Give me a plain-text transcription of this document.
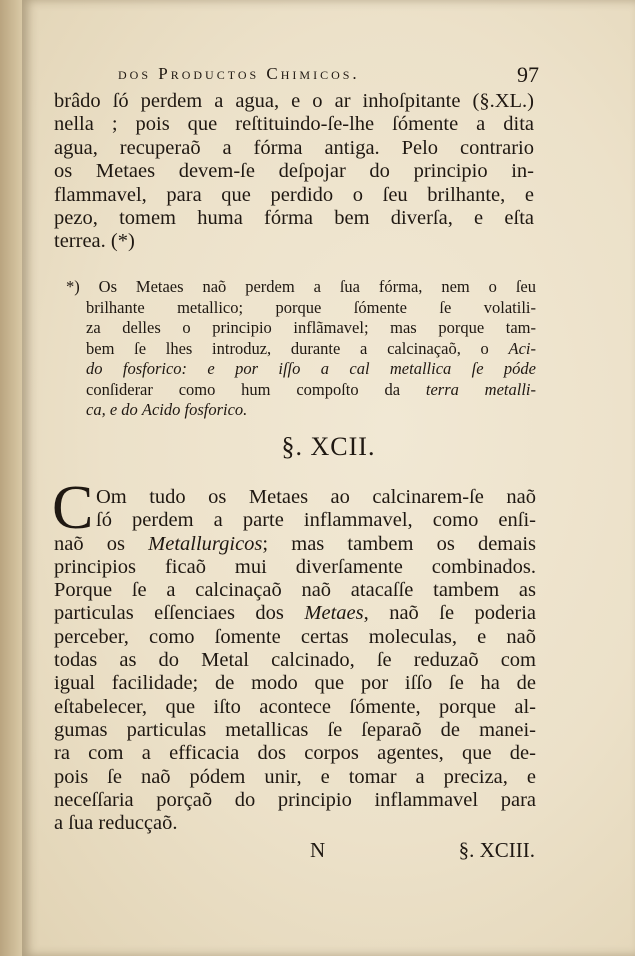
dos Productos Chimicos.	97
brâdo ſó perdem a agua, e o ar inhoſpitante (§.XL.)
nella ; pois que reſtituindo-ſe-lhe ſómente a dita
agua, recuperaõ a fórma antiga. Pelo contrario
os Metaes devem-ſe deſpojar do principio in-
flammavel, para que perdido o ſeu brilhante, e
pezo, tomem huma fórma bem diverſa, e eſta
terrea. (*)
*) Os Metaes naõ perdem a ſua fórma, nem o ſeu
brilhante metallico; porque ſómente ſe volatili-
za delles o principio inflãmavel; mas porque tam-
bem ſe lhes introduz, durante a calcinaçaõ, o Aci-
do fosforico: e por iſſo a cal metallica ſe póde
conſiderar como hum compoſto da terra metalli-
ca, e do Acido fosforico.
§. XCII.
C Om tudo os Metaes ao calcinarem-ſe naõ
ſó perdem a parte inflammavel, como enſi-
naõ os Metallurgicos; mas tambem os demais
principios ficaõ mui diverſamente combinados.
Porque ſe a calcinaçaõ naõ atacaſſe tambem as
particulas eſſenciaes dos Metaes, naõ ſe poderia
perceber, como ſomente certas moleculas, e naõ
todas as do Metal calcinado, ſe reduzaõ com
igual facilidade; de modo que por iſſo ſe ha de
eſtabelecer, que iſto acontece ſómente, porque al-
gumas particulas metallicas ſe ſeparaõ de manei-
ra com a efficacia dos corpos agentes, que de-
pois ſe naõ pódem unir, e tomar a preciza, e
neceſſaria porçaõ do principio inflammavel para
a ſua reducçaõ.
N	§. XCIII.
